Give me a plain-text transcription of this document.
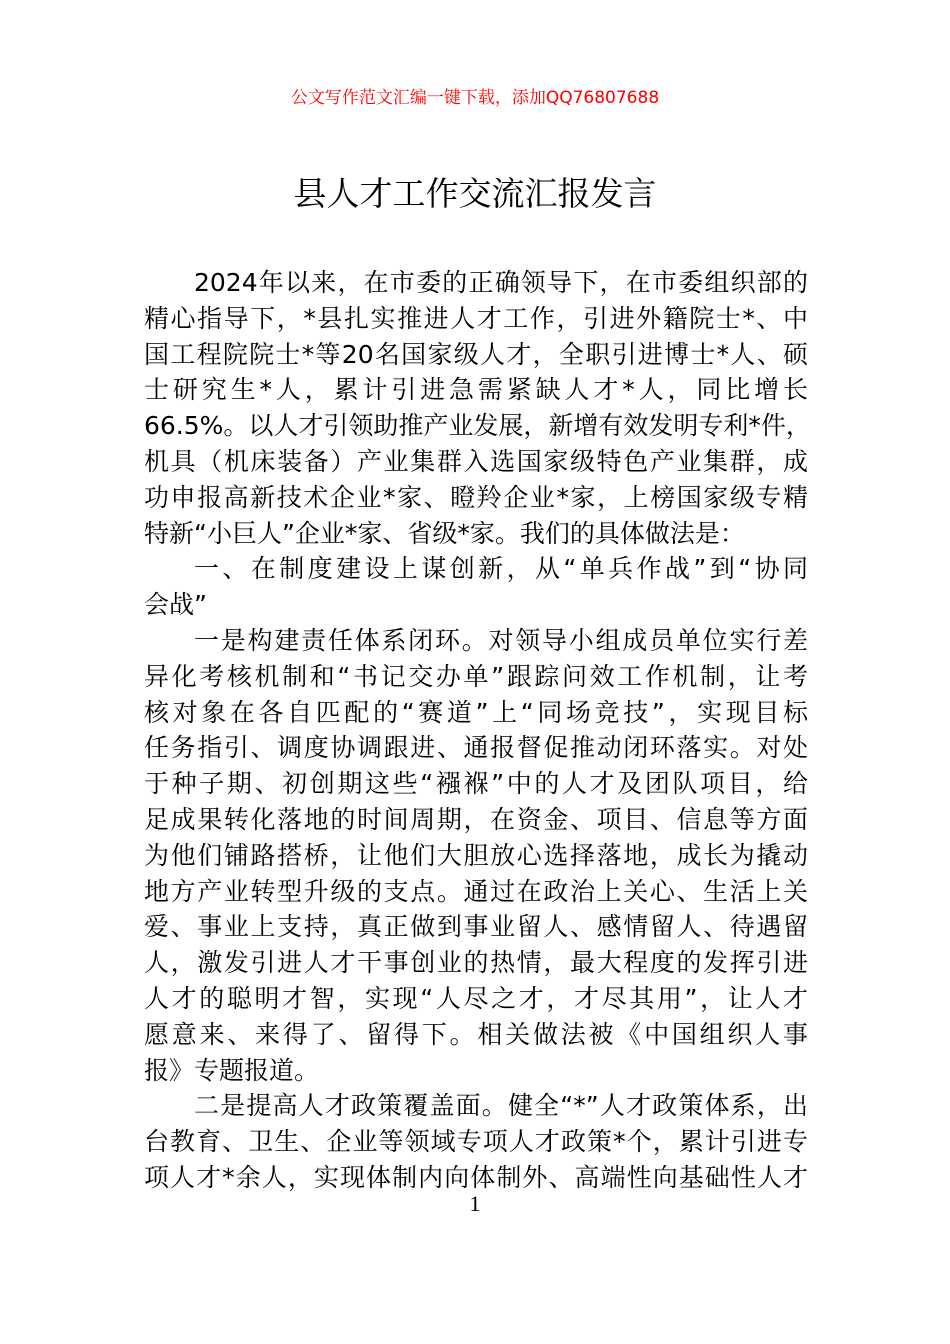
公文写作范文汇编一键下载，添加QQ76807688
县人才工作交流汇报发言
2024年以来，在市委的正确领导下，在市委组织部的
精心指导下，*县扎实推进人才工作，引进外籍院士*、中
国工程院院士*等20名国家级人才，全职引进博士*人、硕
士研究生*人，累计引进急需紧缺人才*人，同比增长
66.5%。以人才引领助推产业发展，新增有效发明专利*件，
机具（机床装备）产业集群入选国家级特色产业集群，成
功申报高新技术企业*家、瞪羚企业*家，上榜国家级专精
特新“小巨人”企业*家、省级*家。我们的具体做法是：
一、在制度建设上谋创新，从“单兵作战”到“协同
会战”
一是构建责任体系闭环。对领导小组成员单位实行差
异化考核机制和“书记交办单”跟踪问效工作机制，让考
核对象在各自匹配的“赛道”上“同场竞技”，实现目标
任务指引、调度协调跟进、通报督促推动闭环落实。对处
于种子期、初创期这些“襁褓”中的人才及团队项目，给
足成果转化落地的时间周期，在资金、项目、信息等方面
为他们铺路搭桥，让他们大胆放心选择落地，成长为撬动
地方产业转型升级的支点。通过在政治上关心、生活上关
爱、事业上支持，真正做到事业留人、感情留人、待遇留
人，激发引进人才干事创业的热情，最大程度的发挥引进
人才的聪明才智，实现“人尽之才，才尽其用”，让人才
愿意来、来得了、留得下。相关做法被《中国组织人事
报》专题报道。
二是提高人才政策覆盖面。健全“*”人才政策体系，出
台教育、卫生、企业等领域专项人才政策*个，累计引进专
项人才*余人，实现体制内向体制外、高端性向基础性人才
1
